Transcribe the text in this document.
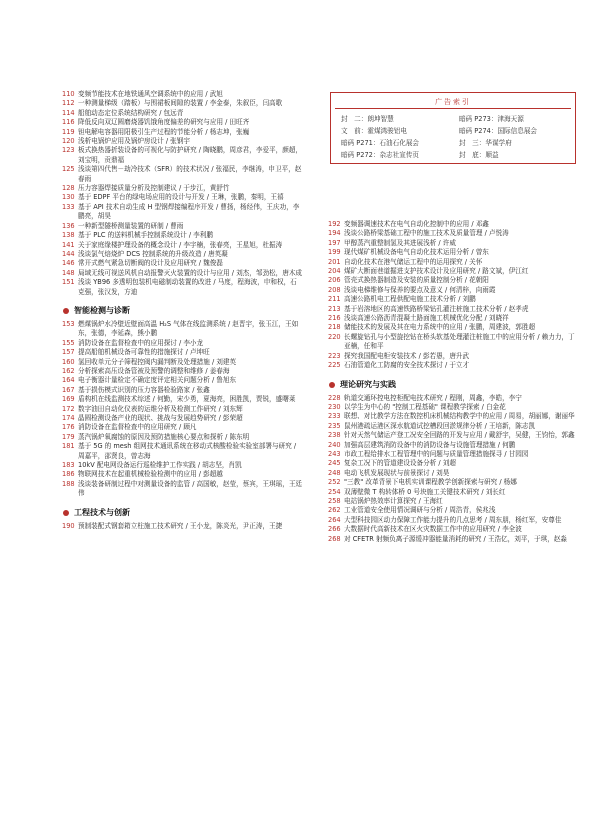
广告索引
封　二：朗坤智慧	暗码 P273：津海天源
文　前：霍煤鸿骏铝电	暗码 P274：国际信息展会
暗码 P271：石油石化展会	封　三：华谋学府
暗码 P272：杂志社宣传页	封　底：顺益
110 变频节能技术在地铁通风空调系统中的应用 / 武旭
112 一种测量梯级（踏板）与围裙板间隙的装置 / 李金泰，朱叙臣，闫高歌
114 船舶动态定位系统结构研究 / 包远青
116 降低反向双辽圆磨烧器饥饿角度偏差的研究与应用 / 田旺齐
119 钽电解电容器用阳极引生产过程的节能分析 / 杨志坤，张巍
120 浅析电锅炉应用及锅炉房设计 / 张钢宇
123 板式换热器折装设备的可视化与防护研究 / 陶晓鹏，周彦君，李爱平，颜超，刘宝明，贡鼎福
125 浅谈第四代售－劫冷技术（SFR）的技术状况 / 张福民，李继涛，申卫平，赵春雨
128 压力容器焊接质量分析及控制建议 / 于步江，黄舒竹
130 基于 EDPF 平台的绿电场应用的设计与开发 / 王琳，张鹏，秦明，王禧
133 基于 API 技术自动生成 H 型钢焊接编程序开发 / 曹扬，杨经伟，王庆功，李鹏亮，胡昊
136 一种新型隧桥测量装置的研制 / 曹雨
138 基于 PLC 的送料机械手控制系统设计 / 李利鹏
141 关于家庭缘楼护理设备的概念设计 / 李宇楠，张春亮，王星旭，杜振涛
144 浅谈氯气焙烧炉 DCS 控制系统的升级改造 / 唐英凝
146 常开式燃气紧急切断阀的设计及应用研究 / 魏俊磊
148 局域无线可视送风机自动报警灭火装置的设计与应用 / 刘杰，邹劲松，唐木成
151 浅谈 YB96 多透明包装机电磁制动装置的改进 / 马度，程海波，申和权，石克强，张汉发，方迪
智能检测与诊断
153 燃煤锅炉水冷壁近壁面高温 H₂S 气体在线监测系统 / 赵晋宇，张玉江，王如东，张德，李延森，熊小鹏
155 消防设备在监督检查中的应用探讨 / 李小龙
157 提高船舶机械设备可靠性的措施探讨 / 卢坤旺
160 氢回收单元分子筛程控阀内漏判断及处理措施 / 刘建英
162 分析探索高压设备管被及预警的调整和维修 / 姜春海
164 电子衡器计量检定不确定度评定相关问题分析 / 鲁旭东
167 基于损伤模式识别的压力容器检验路家 / 张鑫
169 盾构机在线监测技术综述 / 何勤，宋少勇，夏海亮，困胜凯，贾锐，盛曙莱
172 数字油田自动化仪表的运维分析及检测工作研究 / 刘东辉
174 晶圆检测设备产业的现状、挑战与发展趋势研究 / 彭荣超
176 消防设备在监督检查中的应用研究 / 顾凡
179 蒸汽锅炉氧腐蚀的原因及预防措施核心要点和探析 / 陈东明
181 基于 5G 的 mesh 组网技术通讯系统在移动式核酸检验实验室部署与研究 / 周嘉平，邵贤良，曾志海
183 10kV 配电网设备运行巡检维护工作实践 / 胡志坚，肖凯
186 物联网技术在起重机械检验检测中的应用 / 彭超越
188 浅谈装备研制过程中对测量设备的监管 / 高国敏，赵莹，蔡宾，王琪瑶，王廷伟
工程技术与创新
190 预制装配式钢套箱立柱施工技术研究 / 王小龙，陈炎光，尹正涛，王捷
192 变频器调速技术在电气自动化控制中的应用 / 邓鑫
194 浅谈公路桥梁基础工程中的施工技术及质量管理 / 卢悦涛
197 甲醇蒸汽重整制氢及其进展浅析 / 许威
199 现代煤矿机械设备电气自动化技术运用分析 / 曾东
201 自动化技术在港气储运工程中的运用探究 / 关怀
204 煤矿大断面巷道掘进支护技术设计及应用研究 / 路文斌，伊江红
206 管壳式换热器制造及安装的质量控制分析 / 花朝阳
208 浅谈电梯维修与保养的要点及意义 / 何清梓，向雨霞
211 高速公路机电工程供配电施工技术分析 / 刘鹏
213 基于岩溶地区的高速铁路桥梁钻孔灌注桩施工技术分析 / 赵孝虎
216 浅谈高速公路沥青混凝土路面施工机械优化分配 / 刘晓祥
218 储能技术的发展及其在电力系统中的应用 / 张鹏，周建波，郭胜超
220 长螺旋钻孔与小型旋挖钻在桥头软基处理灌注桩施工中的应用分析 / 赖力力，丁亚楠，任和平
223 探究我国配电柜安装技术 / 彭若愚，唐升武
225 石油管道化工防腐的安全技术探讨 / 于立才
理论研究与实践
228 轨道交通环控电控柜配电技术研究 / 程刚，周鑫，李皓，李宁
230 以学生为中心的 "控制工程基础" 课程教学探索 / 白金花
233 联想、对比教学方法在数控机床机械结构教学中的应用 / 周易，胡丽娜，谢丽华
235 鼠州港疏运港区深水航道试挖槽段回淤规律分析 / 王培新，陈志凯
238 针对天然气储运产登工况安全回路的开发与应用 / 戴舒宇，吴健，王钧怡，郭鑫
240 加强高层建筑消防设备中的消防设备与设施管理措施 / 何鹏
243 市政工程给排水工程管理中的问题与质量管理措施探寻 / 甘园园
245 复杂工况下的管道建设设备分析 / 刘超
248 电动飞机发展现状与前景探讨 / 刘昊
252 "三教" 改革背景下电机实训课程教学创新探索与研究 / 杨娜
254 双薄壁微 T 构转体桥 0 号块施工关键技术研究 / 刘长红
258 电站锅炉热效率计算探究 / 王海红
262 工业管道安全使用情况调研与分析 / 周浩青，侯兆浅
264 大型科技园区动力保障工作能力提升的几点思考 / 周东朋，杨红军，安尊佳
266 大数据时代高新技术在区火灾数据工作中的应用研究 / 李全波
268 对 CFETR 射频负离子源缓冲器能量消耗的研究 / 王浩亿，刘平，于琪，赵淼
